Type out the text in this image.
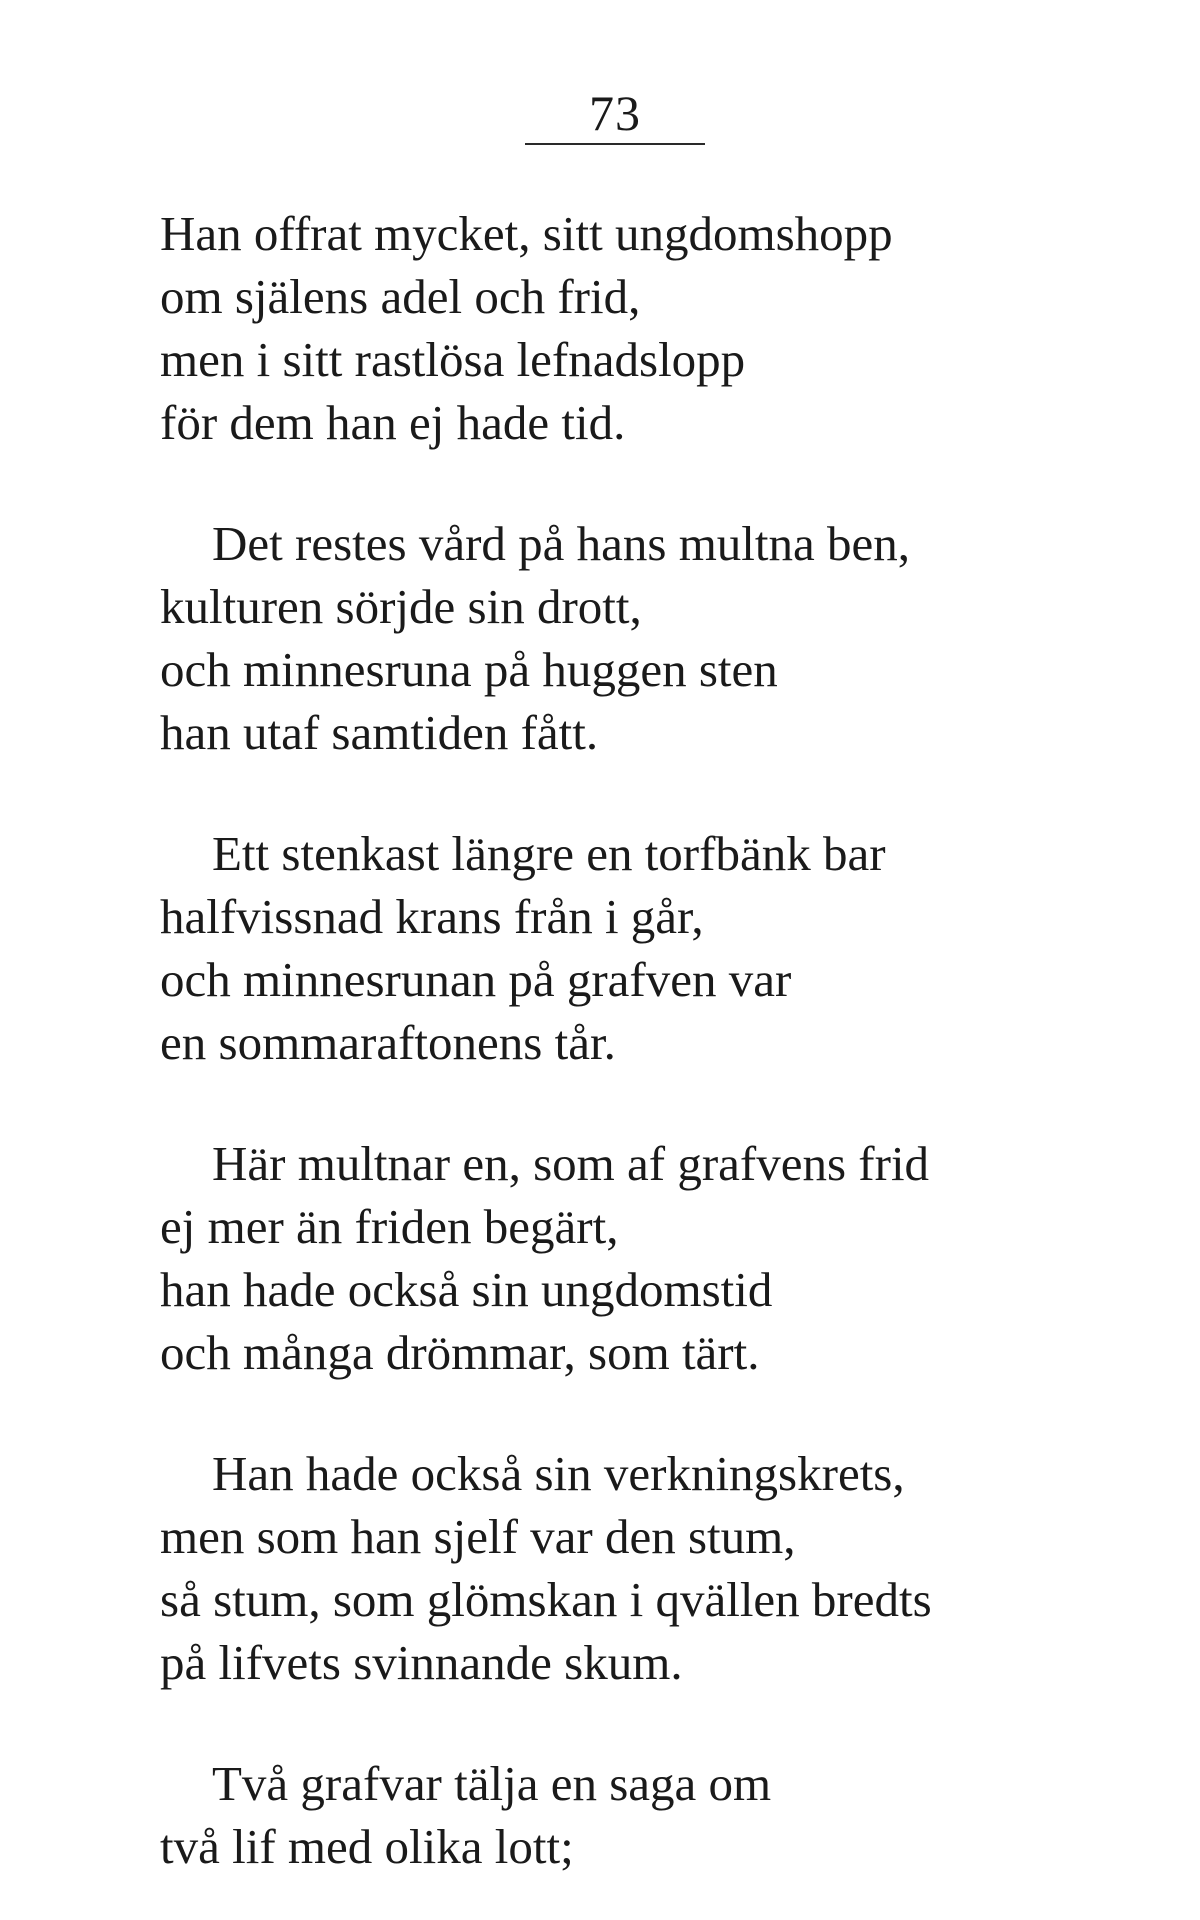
73
Han offrat mycket, sitt ungdomshopp
om själens adel och frid,
men i sitt rastlösa lefnadslopp
för dem han ej hade tid.
Det restes vård på hans multna ben,
kulturen sörjde sin drott,
och minnesruna på huggen sten
han utaf samtiden fått.
Ett stenkast längre en torfbänk bar
halfvissnad krans från i går,
och minnesrunan på grafven var
en sommaraftonens tår.
Här multnar en, som af grafvens frid
ej mer än friden begärt,
han hade också sin ungdomstid
och många drömmar, som tärt.
Han hade också sin verkningskrets,
men som han sjelf var den stum,
så stum, som glömskan i qvällen bredts
på lifvets svinnande skum.
Två grafvar tälja en saga om
två lif med olika lott;
